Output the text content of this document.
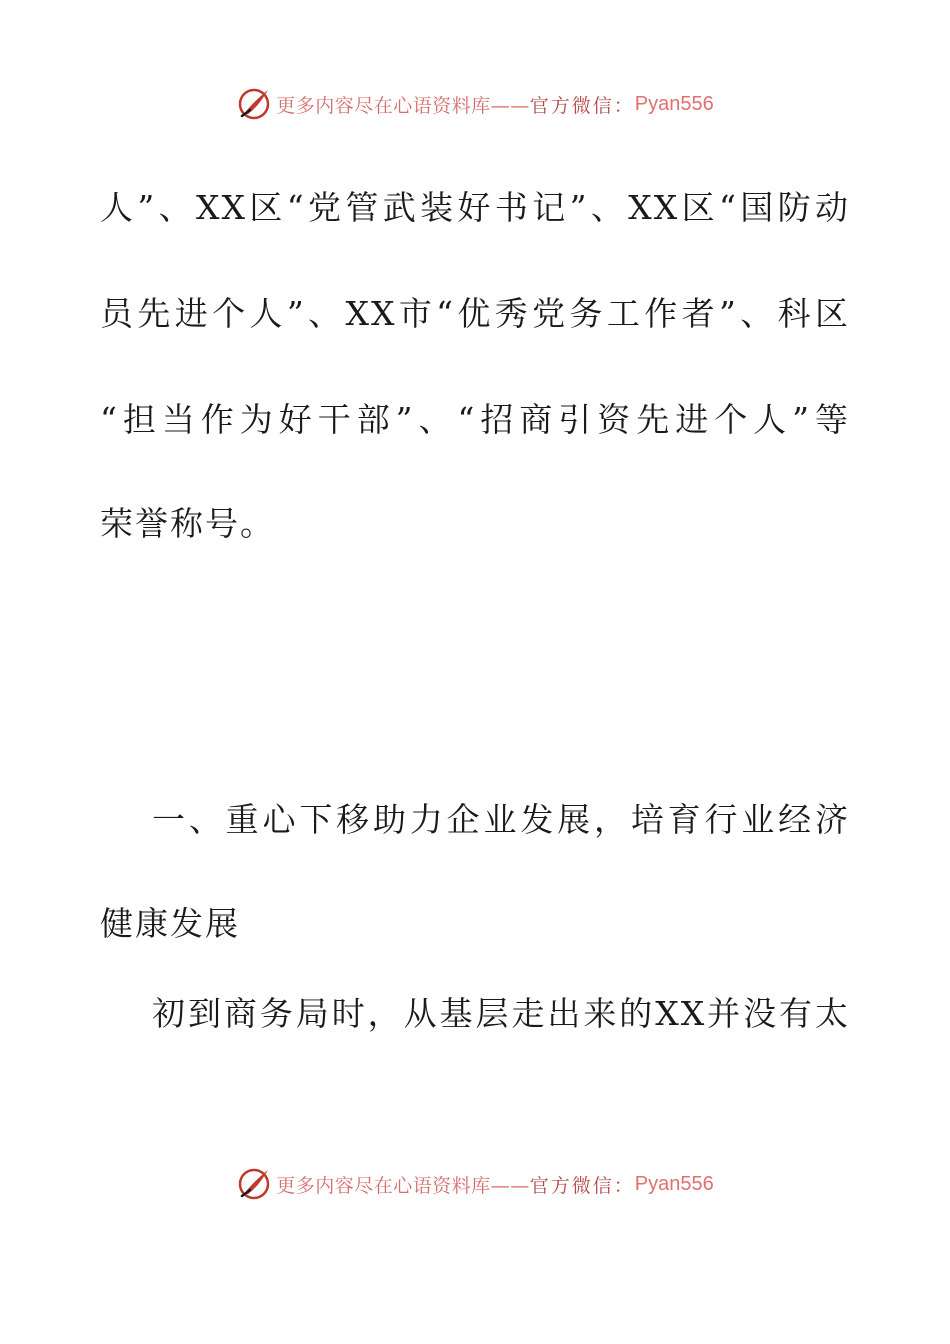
更多内容尽在心语资料库—— 官方微信： Pyan556
人”、XX区“党管武装好书记”、XX区“国防动
员先进个人”、XX市“优秀党务工作者”、科区
“担当作为好干部”、“招商引资先进个人”等
荣誉称号。
一、重心下移助力企业发展，培育行业经济
健康发展
初到商务局时，从基层走出来的XX并没有太
更多内容尽在心语资料库—— 官方微信： Pyan556
